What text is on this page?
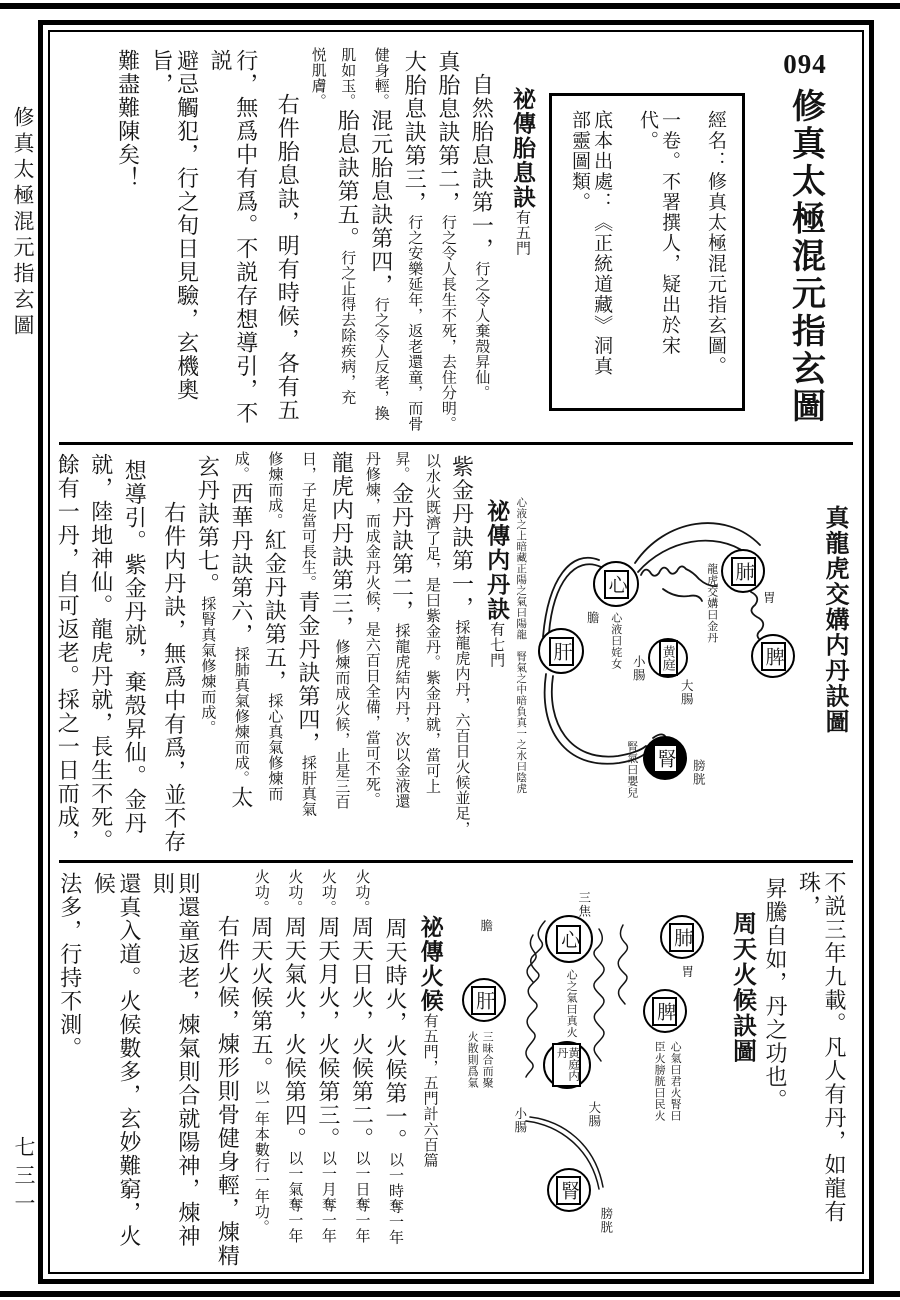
修真太極混元指玄圖
七三一
094
修真太極混元指玄圖
經名：修真太極混元指玄圖。
一卷。不署撰人，疑出於宋代。
底本出處：《正統道藏》洞真部靈圖類。
祕傳胎息訣有五門
自然胎息訣第一，行之令人棄殼昇仙。
真胎息訣第二，行之令人長生不死，去住分明。
大胎息訣第三，行之安樂延年，返老還童，而骨
健身輕。混元胎息訣第四，行之令人反老，換
肌如玉。胎息訣第五。行之止得去除疾病，充
悦肌膚。
右件胎息訣，明有時候，各有五
行，無爲中有爲。不説存想導引，不説
避忌觸犯，行之旬日見驗，玄機奧旨，
難盡難陳矣！
真龍虎交媾内丹訣圖
肺
脾
心
肝	黄庭
腎
胃
膽 心液曰姹女 小腸
大腸
龍虎交媾曰金丹
腎氣曰嬰兒	膀胱
心液之上暗藏正陽之氣曰陽龍　腎氣之中暗負真一之水曰陰虎
祕傳内丹訣有七門
紫金丹訣第一，採龍虎内丹，六百日火候並足，
以水火既濟了足，是曰紫金丹。紫金丹就，當可上
昇。金丹訣第二，採龍虎結内丹，次以金液還
丹修煉，而成金丹火候，是六百日全備，當可不死。
龍虎内丹訣第三，修煉而成火候，止是三百
日，子足當可長生。青金丹訣第四，採肝真氣
修煉而成。紅金丹訣第五，採心真氣修煉而
成。西華丹訣第六，採肺真氣修煉而成。太
玄丹訣第七。採腎真氣修煉而成。
右件内丹訣，無爲中有爲，並不存
想導引。紫金丹就，棄殼昇仙。金丹
就，陸地神仙。龍虎丹就，長生不死。
餘有一丹，自可返老。採之一日而成，
不説三年九載。凡人有丹，如龍有珠，
昇騰自如，丹之功也。
周天火候訣圖
肺
脾
心
肝
黄庭内丹
腎
三焦
胃
膽
心之氣曰真火
心氣曰君火腎曰
臣火膀胱曰民火
三昧合而聚
火散則爲氣
小腸	大腸
膀胱
祕傳火候有五門，五門計六百篇
周天時火，火候第一。以一時奪一年
火功。周天日火，火候第二。以一日奪一年
火功。周天月火，火候第三。以一月奪一年
火功。周天氣火，火候第四。以一氣奪一年
火功。周天火候第五。以一年本數行一年功。
右件火候，煉形則骨健身輕，煉精
則還童返老，煉氣則合就陽神，煉神則
還真入道。火候數多，玄妙難窮，火候
法多，行持不測。
